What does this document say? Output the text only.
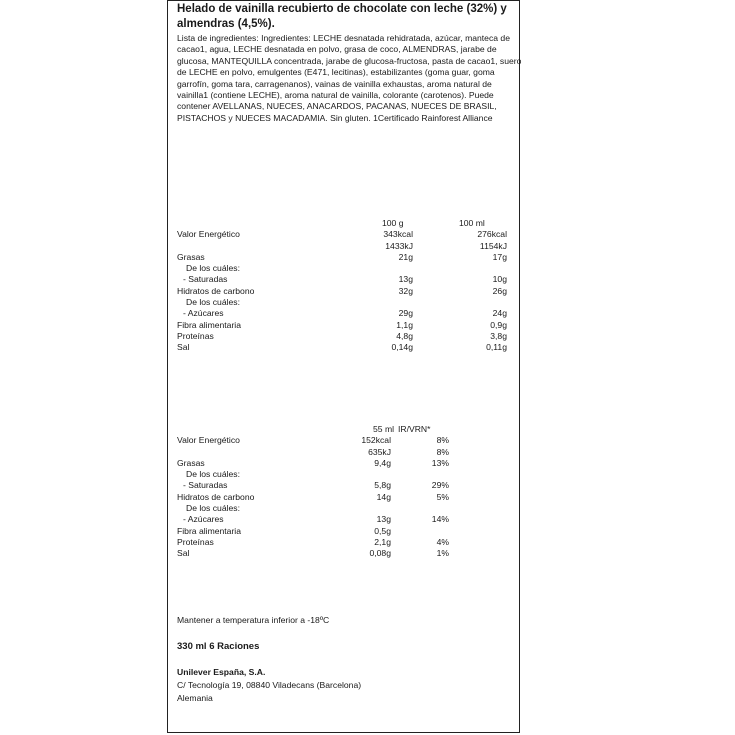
Helado de vainilla recubierto de chocolate con leche (32%) y almendras (4,5%).
Lista de ingredientes: Ingredientes: LECHE desnatada rehidratada, azúcar, manteca de cacao1, agua, LECHE desnatada en polvo, grasa de coco, ALMENDRAS, jarabe de glucosa, MANTEQUILLA concentrada, jarabe de glucosa-fructosa, pasta de cacao1, suero de LECHE en polvo, emulgentes (E471, lecitinas), estabilizantes (goma guar, goma garrofín, goma tara, carragenanos), vainas de vainilla exhaustas, aroma natural de vainilla1 (contiene LECHE), aroma natural de vainilla, colorante (carotenos). Puede contener AVELLANAS, NUECES, ANACARDOS, PACANAS, NUECES DE BRASIL, PISTACHOS y NUECES MACADAMIA. Sin gluten. 1Certificado Rainforest Alliance
100 g	100 ml
Valor Energético	343kcal	276kcal
1433kJ	1154kJ
Grasas	21g	17g
De los cuáles:
- Saturadas	13g	10g
Hidratos de carbono	32g	26g
De los cuáles:
- Azúcares	29g	24g
Fibra alimentaria	1,1g	0,9g
Proteínas	4,8g	3,8g
Sal	0,14g	0,11g
55 ml IR/VRN*
Valor Energético	152kcal	8%
635kJ	8%
Grasas	9,4g	13%
De los cuáles:
- Saturadas	5,8g	29%
Hidratos de carbono	14g	5%
De los cuáles:
- Azúcares	13g	14%
Fibra alimentaria	0,5g
Proteínas	2,1g	4%
Sal	0,08g	1%
Mantener a temperatura inferior a -18ºC
330 ml 6 Raciones
Unilever España, S.A.
C/ Tecnología 19, 08840 Viladecans (Barcelona)
Alemania
